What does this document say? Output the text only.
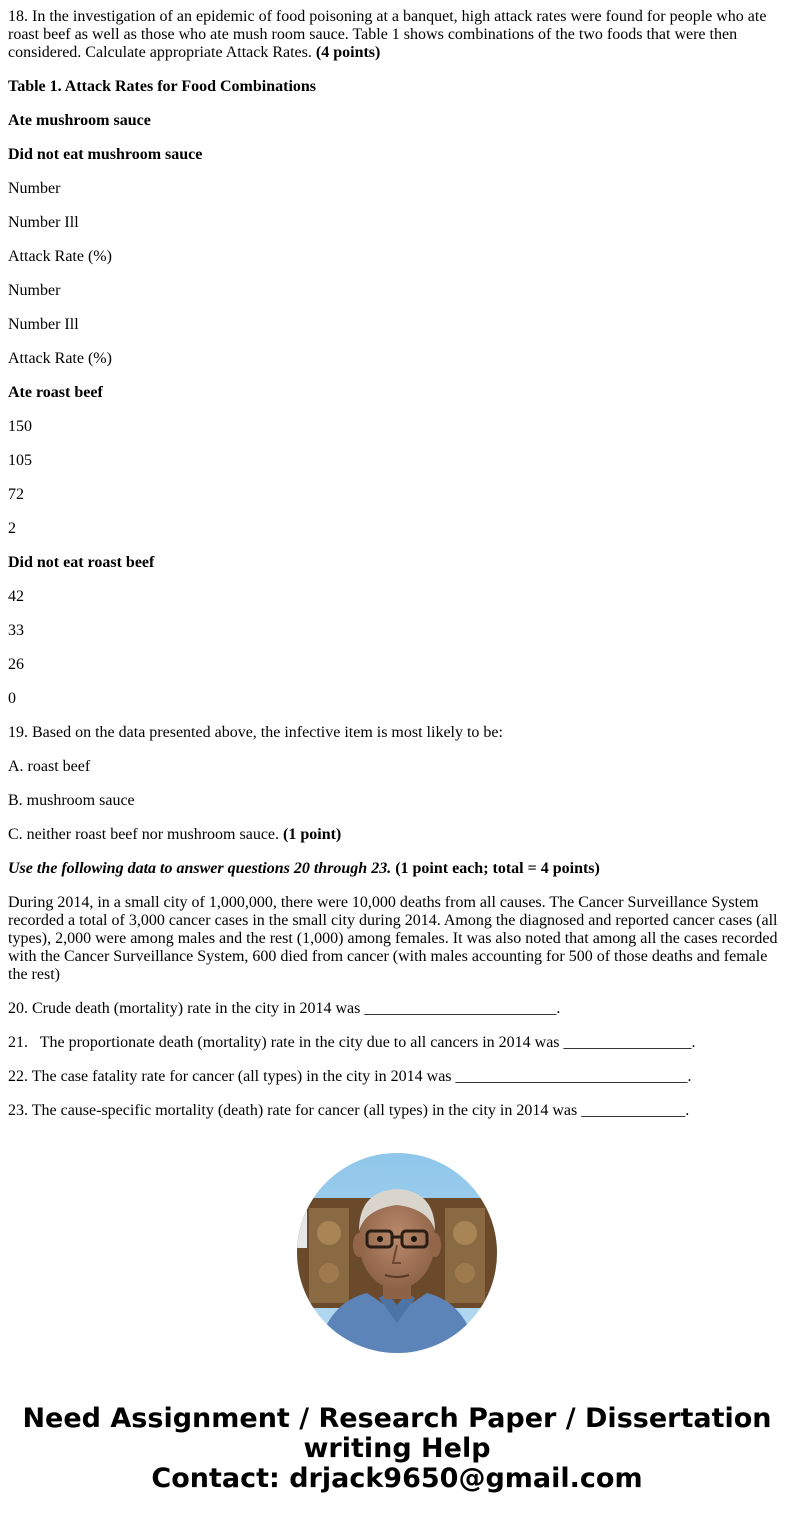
18. In the investigation of an epidemic of food poisoning at a banquet, high attack rates were found for people who ate roast beef as well as those who ate mush room sauce. Table 1 shows combinations of the two foods that were then considered. Calculate appropriate Attack Rates. (4 points)

Table 1. Attack Rates for Food Combinations

Ate mushroom sauce

Did not eat mushroom sauce

Number

Number Ill

Attack Rate (%)

Number

Number Ill

Attack Rate (%)

Ate roast beef

150

105

72

2

Did not eat roast beef

42

33

26

0

19. Based on the data presented above, the infective item is most likely to be:

A. roast beef

B. mushroom sauce

C. neither roast beef nor mushroom sauce. (1 point)

Use the following data to answer questions 20 through 23. (1 point each; total = 4 points)

During 2014, in a small city of 1,000,000, there were 10,000 deaths from all causes. The Cancer Surveillance System recorded a total of 3,000 cancer cases in the small city during 2014. Among the diagnosed and reported cancer cases (all types), 2,000 were among males and the rest (1,000) among females. It was also noted that among all the cases recorded with the Cancer Surveillance System, 600 died from cancer (with males accounting for 500 of those deaths and female the rest)

20. Crude death (mortality) rate in the city in 2014 was ________________________.

21.   The proportionate death (mortality) rate in the city due to all cancers in 2014 was ________________.

22. The case fatality rate for cancer (all types) in the city in 2014 was _____________________________.

23. The cause-specific mortality (death) rate for cancer (all types) in the city in 2014 was _____________.

Need Assignment / Research Paper / Dissertation
writing Help
Contact: drjack9650@gmail.com
